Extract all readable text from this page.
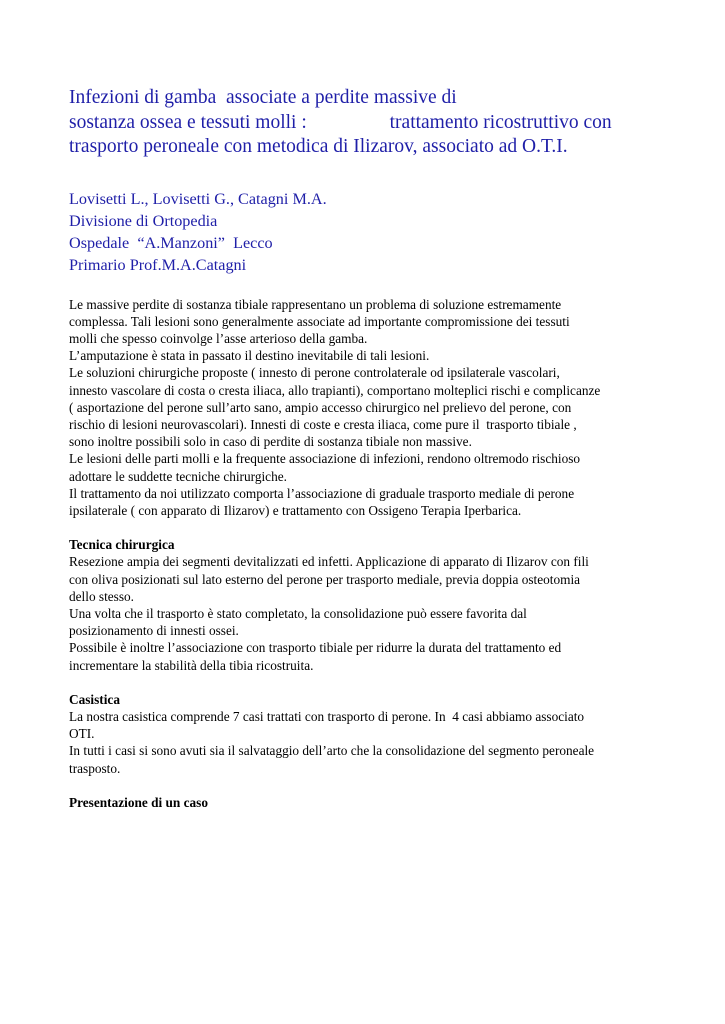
Infezioni di gamba  associate a perdite massive di

sostanza ossea e tessuti molli :                 trattamento ricostruttivo con

trasporto peroneale con metodica di Ilizarov, associato ad O.T.I.

Lovisetti L., Lovisetti G., Catagni M.A.
Divisione di Ortopedia
Ospedale  “A.Manzoni”  Lecco
Primario Prof.M.A.Catagni

Le massive perdite di sostanza tibiale rappresentano un problema di soluzione estremamente

complessa. Tali lesioni sono generalmente associate ad importante compromissione dei tessuti

molli che spesso coinvolge l’asse arterioso della gamba.

L’amputazione è stata in passato il destino inevitabile di tali lesioni.

Le soluzioni chirurgiche proposte ( innesto di perone controlaterale od ipsilaterale vascolari,

innesto vascolare di costa o cresta iliaca, allo trapianti), comportano molteplici rischi e complicanze

( asportazione del perone sull’arto sano, ampio accesso chirurgico nel prelievo del perone, con

rischio di lesioni neurovascolari). Innesti di coste e cresta iliaca, come pure il  trasporto tibiale ,

sono inoltre possibili solo in caso di perdite di sostanza tibiale non massive.

Le lesioni delle parti molli e la frequente associazione di infezioni, rendono oltremodo rischioso

adottare le suddette tecniche chirurgiche.

Il trattamento da noi utilizzato comporta l’associazione di graduale trasporto mediale di perone

ipsilaterale ( con apparato di Ilizarov) e trattamento con Ossigeno Terapia Iperbarica.

Tecnica chirurgica

Resezione ampia dei segmenti devitalizzati ed infetti. Applicazione di apparato di Ilizarov con fili

con oliva posizionati sul lato esterno del perone per trasporto mediale, previa doppia osteotomia

dello stesso.

Una volta che il trasporto è stato completato, la consolidazione può essere favorita dal

posizionamento di innesti ossei.

Possibile è inoltre l’associazione con trasporto tibiale per ridurre la durata del trattamento ed

incrementare la stabilità della tibia ricostruita.

Casistica

La nostra casistica comprende 7 casi trattati con trasporto di perone. In  4 casi abbiamo associato

OTI.

In tutti i casi si sono avuti sia il salvataggio dell’arto che la consolidazione del segmento peroneale

trasposto.

Presentazione di un caso
